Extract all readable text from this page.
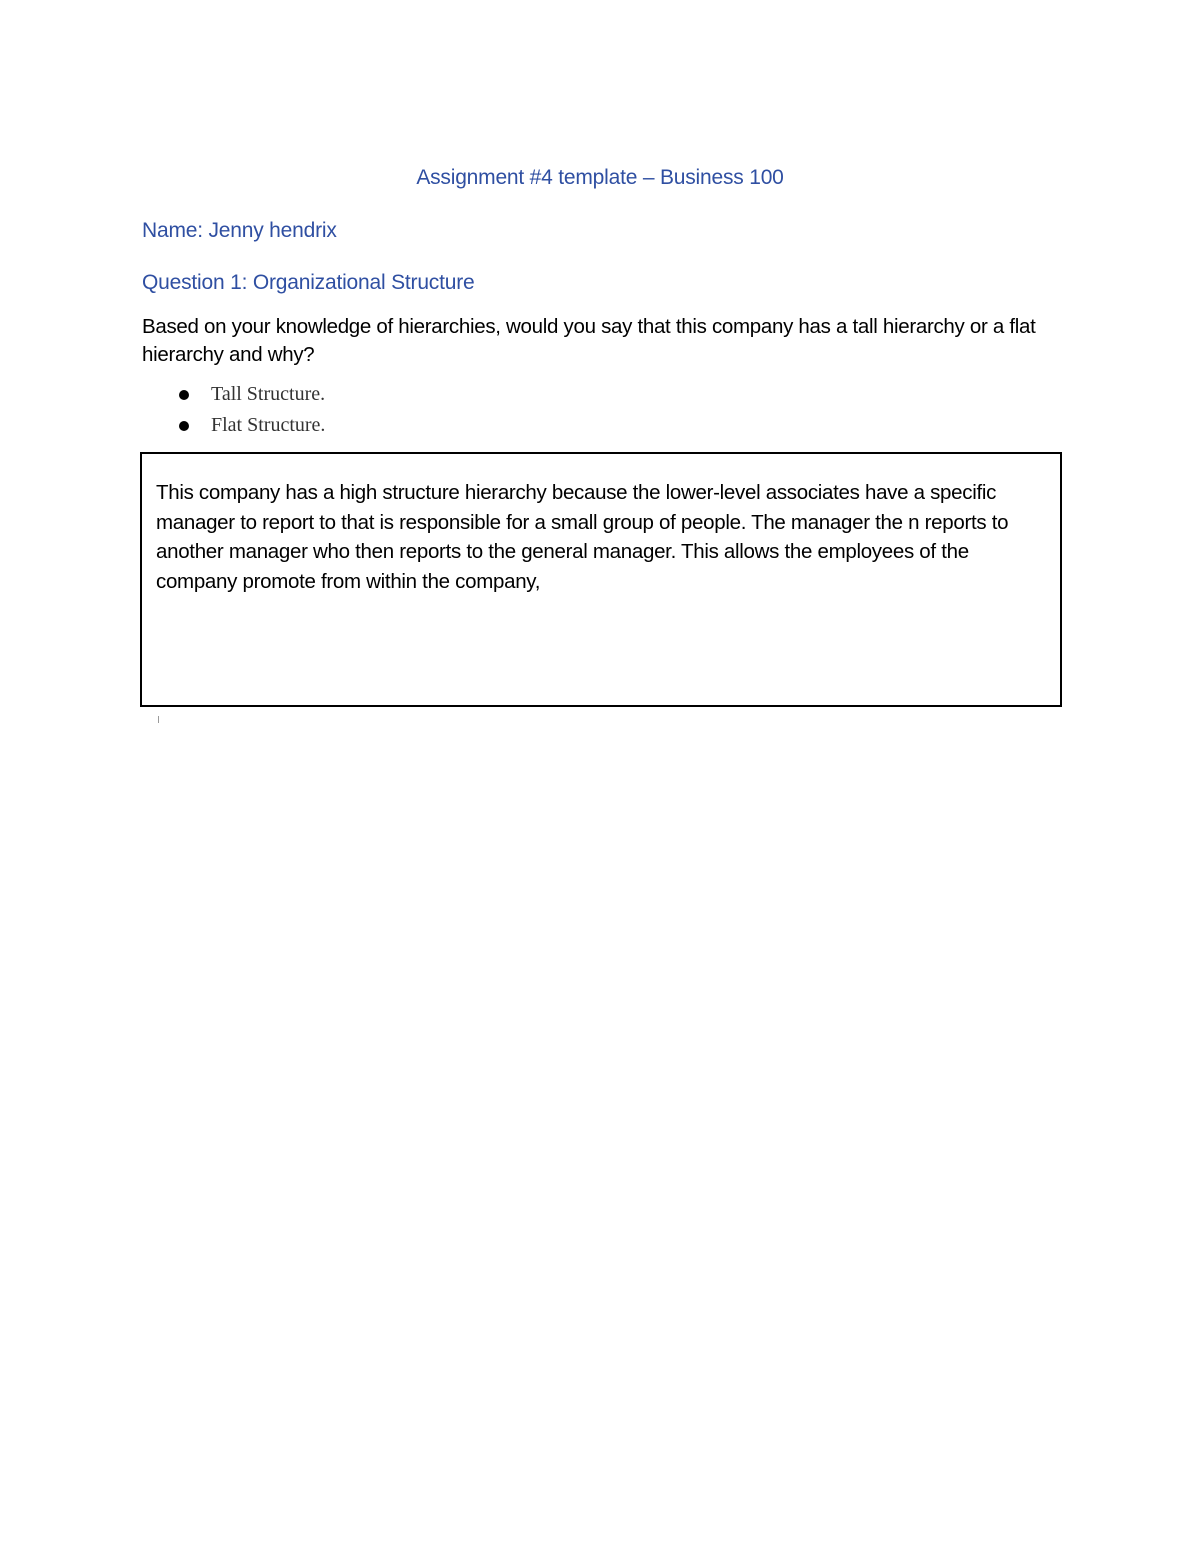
Assignment #4 template – Business 100
Name: Jenny hendrix
Question 1: Organizational Structure
Based on your knowledge of hierarchies, would you say that this company has a tall hierarchy or a flat hierarchy and why?
Tall Structure.
Flat Structure.
This company has a high structure hierarchy because the lower-level associates have a specific manager to report to that is responsible for a small group of people. The manager the n reports to another manager who then reports to the general manager. This allows the employees of the company promote from within the company,
